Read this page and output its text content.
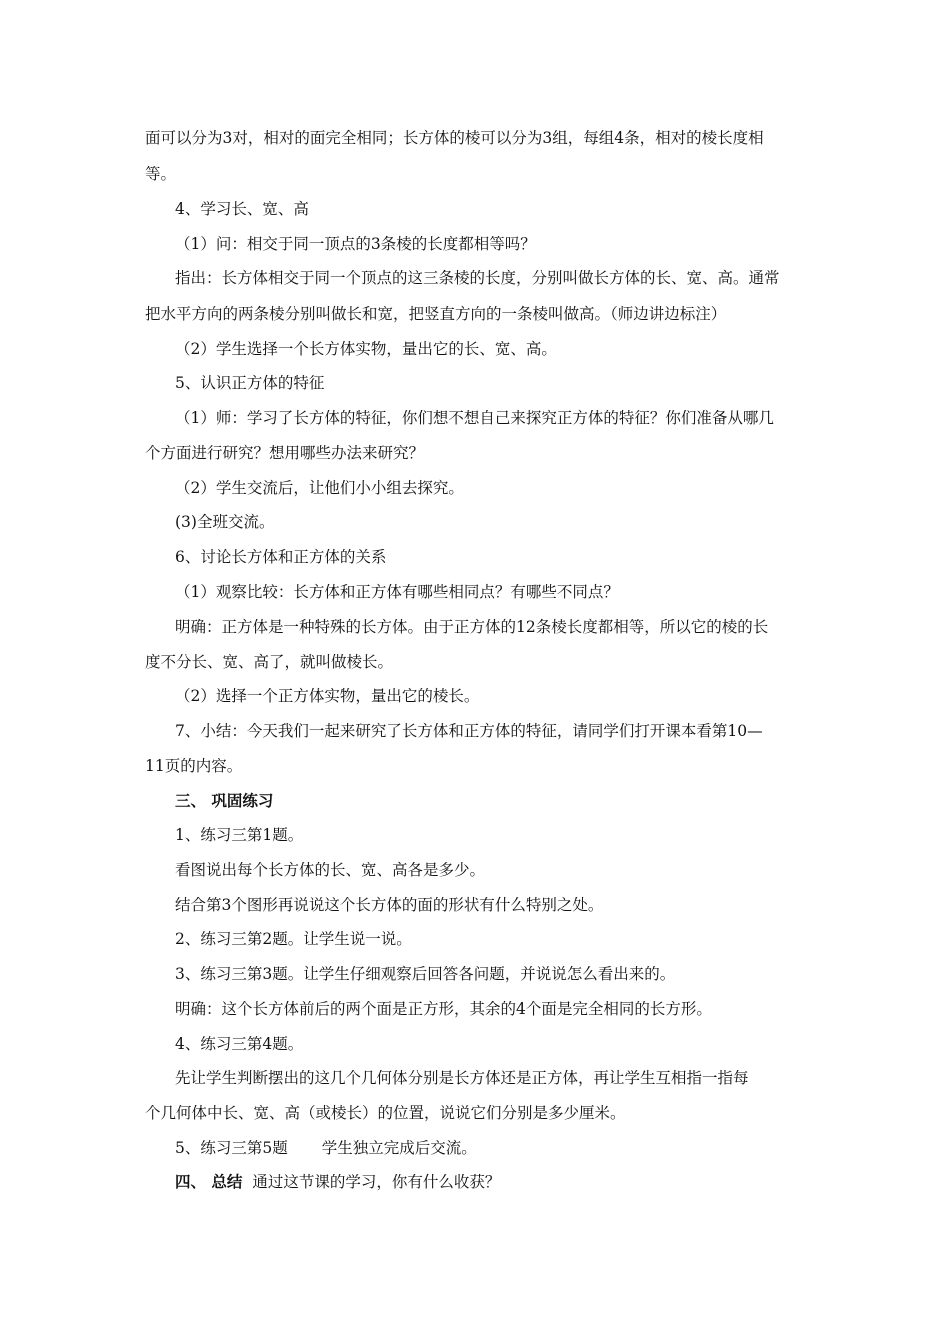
面可以分为3对，相对的面完全相同；长方体的棱可以分为3组，每组4条，相对的棱长度相
等。
4、学习长、宽、高
（1）问：相交于同一顶点的3条棱的长度都相等吗？
指出：长方体相交于同一个顶点的这三条棱的长度，分别叫做长方体的长、宽、高。通常
把水平方向的两条棱分别叫做长和宽，把竖直方向的一条棱叫做高。（师边讲边标注）
（2）学生选择一个长方体实物，量出它的长、宽、高。
5、认识正方体的特征
（1）师：学习了长方体的特征，你们想不想自己来探究正方体的特征？你们准备从哪几
个方面进行研究？想用哪些办法来研究？
（2）学生交流后，让他们小小组去探究。
(3)全班交流。
6、讨论长方体和正方体的关系
（1）观察比较：长方体和正方体有哪些相同点？有哪些不同点？
明确：正方体是一种特殊的长方体。由于正方体的12条棱长度都相等，所以它的棱的长
度不分长、宽、高了，就叫做棱长。
（2）选择一个正方体实物，量出它的棱长。
7、小结：今天我们一起来研究了长方体和正方体的特征，请同学们打开课本看第10—
11页的内容。
三、 巩固练习
1、练习三第1题。
看图说出每个长方体的长、宽、高各是多少。
结合第3个图形再说说这个长方体的面的形状有什么特别之处。
2、练习三第2题。让学生说一说。
3、练习三第3题。让学生仔细观察后回答各问题，并说说怎么看出来的。
明确：这个长方体前后的两个面是正方形，其余的4个面是完全相同的长方形。
4、练习三第4题。
先让学生判断摆出的这几个几何体分别是长方体还是正方体，再让学生互相指一指每
个几何体中长、宽、高（或棱长）的位置，说说它们分别是多少厘米。
5、练习三第5题 学生独立完成后交流。
四、 总结 通过这节课的学习，你有什么收获？
